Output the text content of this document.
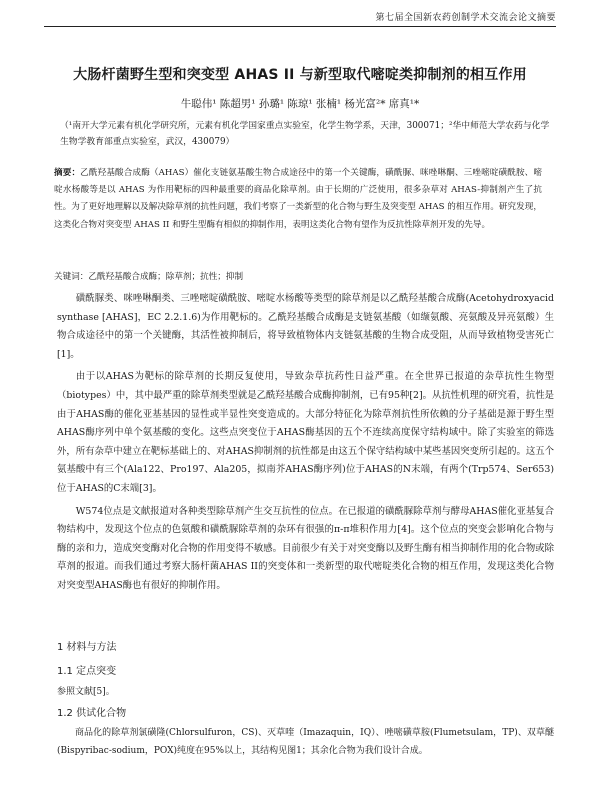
第七届全国新农药创制学术交流会论文摘要
大肠杆菌野生型和突变型 AHAS II 与新型取代嘧啶类抑制剂的相互作用
牛聪伟¹ 陈超男¹ 孙璐¹ 陈琼¹ 张楠¹ 杨光富²* 席真¹*
（¹南开大学元素有机化学研究所，元素有机化学国家重点实验室，化学生物学系，天津，300071；²华中师范大学农药与化学生物学教育部重点实验室，武汉，430079）
摘要：乙酰羟基酸合成酶（AHAS）催化支链氨基酸生物合成途径中的第一个关键酶，磺酰脲、咪唑啉酮、三唑嘧啶磺酰胺、嘧啶水杨酸等是以 AHAS 为作用靶标的四种最重要的商品化除草剂。由于长期的广泛使用，很多杂草对 AHAS-抑制剂产生了抗性。为了更好地理解以及解决除草剂的抗性问题，我们考察了一类新型的化合物与野生及突变型 AHAS 的相互作用。研究发现，这类化合物对突变型 AHAS II 和野生型酶有相似的抑制作用，表明这类化合物有望作为反抗性除草剂开发的先导。
关键词：乙酰羟基酸合成酶；除草剂；抗性；抑制

磺酰脲类、咪唑啉酮类、三唑嘧啶磺酰胺、嘧啶水杨酸等类型的除草剂是以乙酰羟基酸合成酶(Acetohydroxyacid synthase [AHAS]，EC 2.2.1.6)为作用靶标的。乙酰羟基酸合成酶是支链氨基酸（如缬氨酸、亮氨酸及异亮氨酸）生物合成途径中的第一个关键酶，其活性被抑制后，将导致植物体内支链氨基酸的生物合成受阻，从而导致植物受害死亡[1]。

由于以AHAS为靶标的除草剂的长期反复使用，导致杂草抗药性日益严重。在全世界已报道的杂草抗性生物型（biotypes）中，其中最严重的除草剂类型就是乙酰羟基酸合成酶抑制剂，已有95种[2]。从抗性机理的研究看，抗性是由于AHAS酶的催化亚基基因的显性或半显性突变造成的。大部分特征化为除草剂抗性所依赖的分子基础是源于野生型AHAS酶序列中单个氨基酸的变化。这些点突变位于AHAS酶基因的五个不连续高度保守结构域中。除了实验室的筛选外，所有杂草中建立在靶标基础上的、对AHAS抑制剂的抗性都是由这五个保守结构域中某些基因突变所引起的。这五个氨基酸中有三个(Ala122、Pro197、Ala205，拟南芥AHAS酶序列)位于AHAS的N末端，有两个(Trp574、Ser653)位于AHAS的C末端[3]。

W574位点是文献报道对各种类型除草剂产生交互抗性的位点。在已报道的磺酰脲除草剂与酵母AHAS催化亚基复合物结构中，发现这个位点的色氨酸和磺酰脲除草剂的杂环有很强的π-π堆积作用力[4]。这个位点的突变会影响化合物与酶的亲和力，造成突变酶对化合物的作用变得不敏感。目前很少有关于对突变酶以及野生酶有相当抑制作用的化合物或除草剂的报道。而我们通过考察大肠杆菌AHAS II的突变体和一类新型的取代嘧啶类化合物的相互作用，发现这类化合物对突变型AHAS酶也有很好的抑制作用。

1 材料与方法
1.1 定点突变
参照文献[5]。
1.2 供试化合物
商品化的除草剂氯磺隆(Chlorsulfuron，CS)、灭草喹（Imazaquin，IQ）、唑嘧磺草胺(Flumetsulam，TP)、双草醚(Bispyribac-sodium，POX)纯度在95%以上，其结构见图1；其余化合物为我们设计合成。
